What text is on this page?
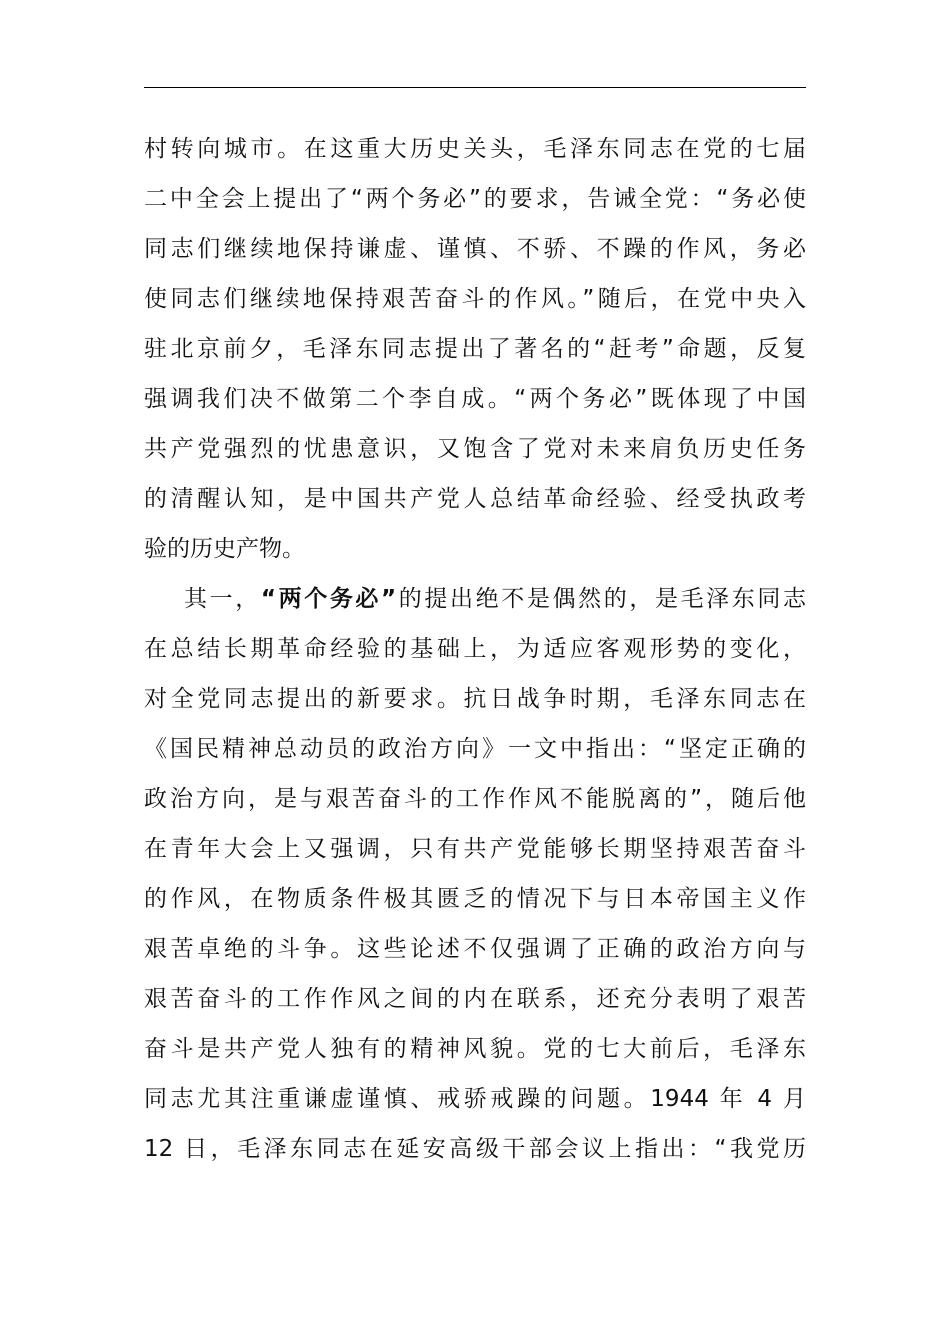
村转向城市。在这重大历史关头，毛泽东同志在党的七届
二中全会上提出了“两个务必”的要求，告诫全党：“务必使
同志们继续地保持谦虚、谨慎、不骄、不躁的作风，务必
使同志们继续地保持艰苦奋斗的作风。”随后，在党中央入
驻北京前夕，毛泽东同志提出了著名的“赶考”命题，反复
强调我们决不做第二个李自成。“两个务必”既体现了中国
共产党强烈的忧患意识，又饱含了党对未来肩负历史任务
的清醒认知，是中国共产党人总结革命经验、经受执政考
验的历史产物。
其一，“两个务必”的提出绝不是偶然的，是毛泽东同志
在总结长期革命经验的基础上，为适应客观形势的变化，
对全党同志提出的新要求。抗日战争时期，毛泽东同志在
《国民精神总动员的政治方向》一文中指出：“坚定正确的
政治方向，是与艰苦奋斗的工作作风不能脱离的”，随后他
在青年大会上又强调，只有共产党能够长期坚持艰苦奋斗
的作风，在物质条件极其匮乏的情况下与日本帝国主义作
艰苦卓绝的斗争。这些论述不仅强调了正确的政治方向与
艰苦奋斗的工作作风之间的内在联系，还充分表明了艰苦
奋斗是共产党人独有的精神风貌。党的七大前后，毛泽东
同志尤其注重谦虚谨慎、戒骄戒躁的问题。1944 年 4 月
12 日，毛泽东同志在延安高级干部会议上指出：“我党历
